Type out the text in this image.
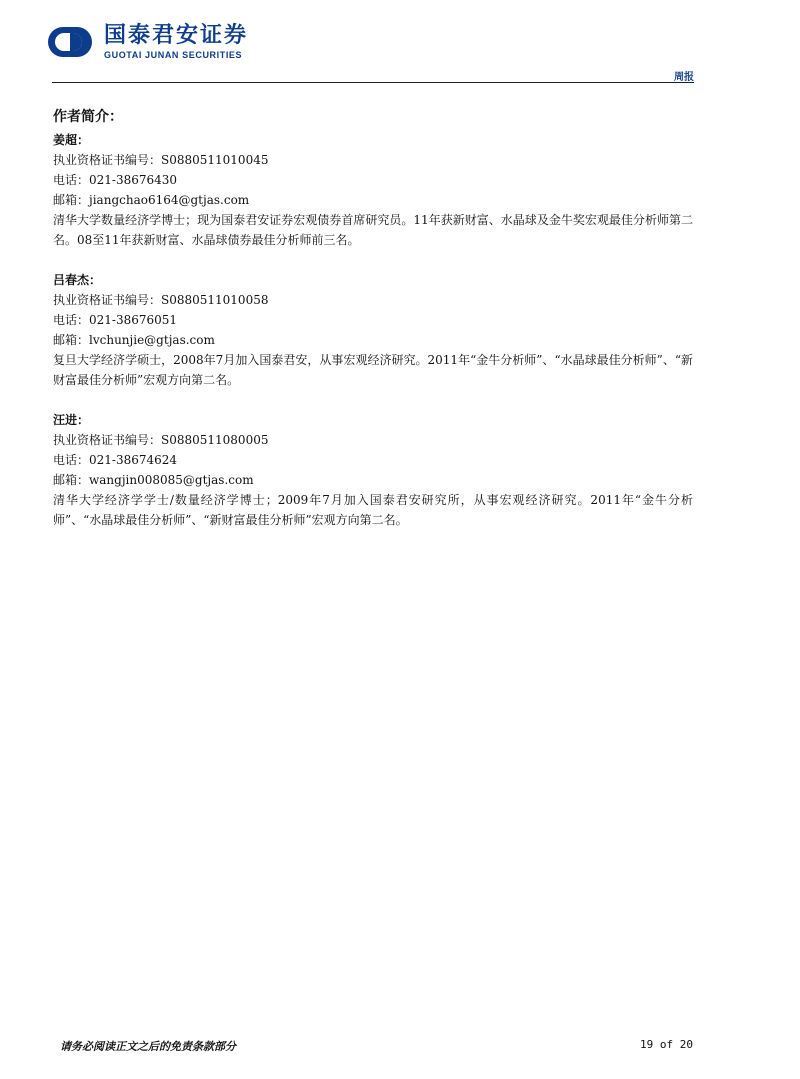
国泰君安证券
GUOTAI JUNAN SECURITIES
周报
作者简介：
姜超：
执业资格证书编号：S0880511010045
电话：021-38676430
邮箱：jiangchao6164@gtjas.com
清华大学数量经济学博士；现为国泰君安证券宏观债券首席研究员。11年获新财富、水晶球及金牛奖宏观最佳分析师第二名。08至11年获新财富、水晶球债券最佳分析师前三名。
吕春杰：
执业资格证书编号：S0880511010058
电话：021-38676051
邮箱：lvchunjie@gtjas.com
复旦大学经济学硕士，2008年7月加入国泰君安，从事宏观经济研究。2011年“金牛分析师”、“水晶球最佳分析师”、“新财富最佳分析师”宏观方向第二名。
汪进：
执业资格证书编号：S0880511080005
电话：021-38674624
邮箱：wangjin008085@gtjas.com
清华大学经济学学士/数量经济学博士；2009年7月加入国泰君安研究所，从事宏观经济研究。2011年“金牛分析师”、“水晶球最佳分析师”、“新财富最佳分析师”宏观方向第二名。
请务必阅读正文之后的免责条款部分	19 of 20
